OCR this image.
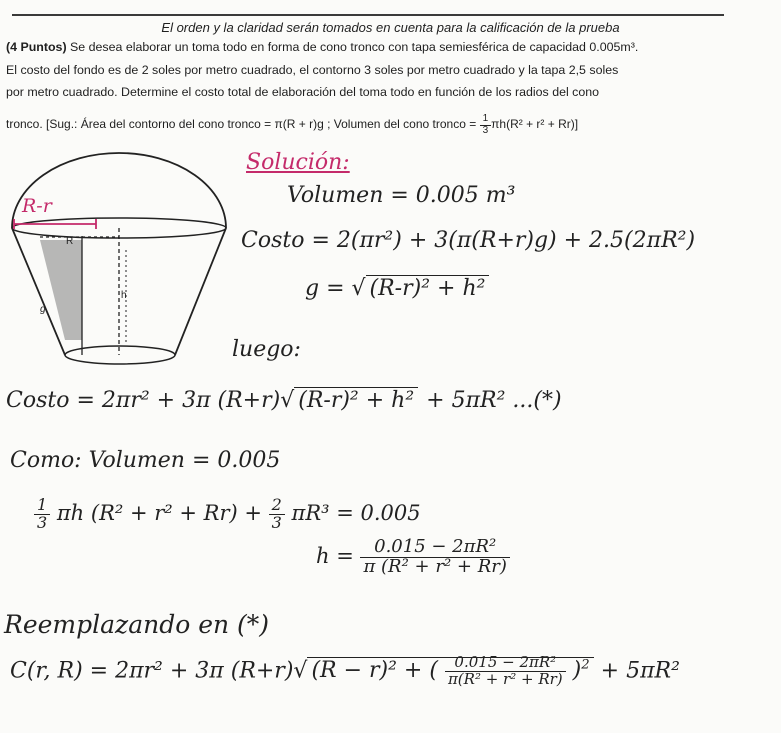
El orden y la claridad serán tomados en cuenta para la calificación de la prueba
(4 Puntos) Se desea elaborar un toma todo en forma de cono tronco con tapa semiesférica de capacidad 0.005m³.
El costo del fondo es de 2 soles por metro cuadrado, el contorno 3 soles por metro cuadrado y la tapa 2,5 soles
por metro cuadrado. Determine el costo total de elaboración del toma todo en función de los radios del cono
tronco. [Sug.: Área del contorno del cono tronco = π(R + r)g ; Volumen del cono tronco = $\frac{1}{3} \pi h(R^2 + r^2 + Rr)$]
R-r
R
g
h
Solución:
Volumen = 0.005 m³
Costo = 2(πr²) + 3(π(R+r)g) + 2.5(2πR²)
g = √ (R-r)² + h²
luego:
Costo = 2πr² + 3π (R+r)√ (R-r)² + h² + 5πR² ...(*)
Como: Volumen = 0.005
$\frac{1}{3}$ πh $(R^2 + r^2 + Rr) + \frac{2}{3} \pi R^3 = 0.005$
$h = \frac{\text{0.015 − 2πR²}}{\text{π (R² + r² + Rr)}}$
Reemplazando en (*)
C(r, R) = 2πr² + 3π (R+r)√ (R − r)² + ( $\frac{\text{0.015 − 2πR²}}{\text{π(R² + r² + Rr)}} )^2 + 5\pi R^2$
